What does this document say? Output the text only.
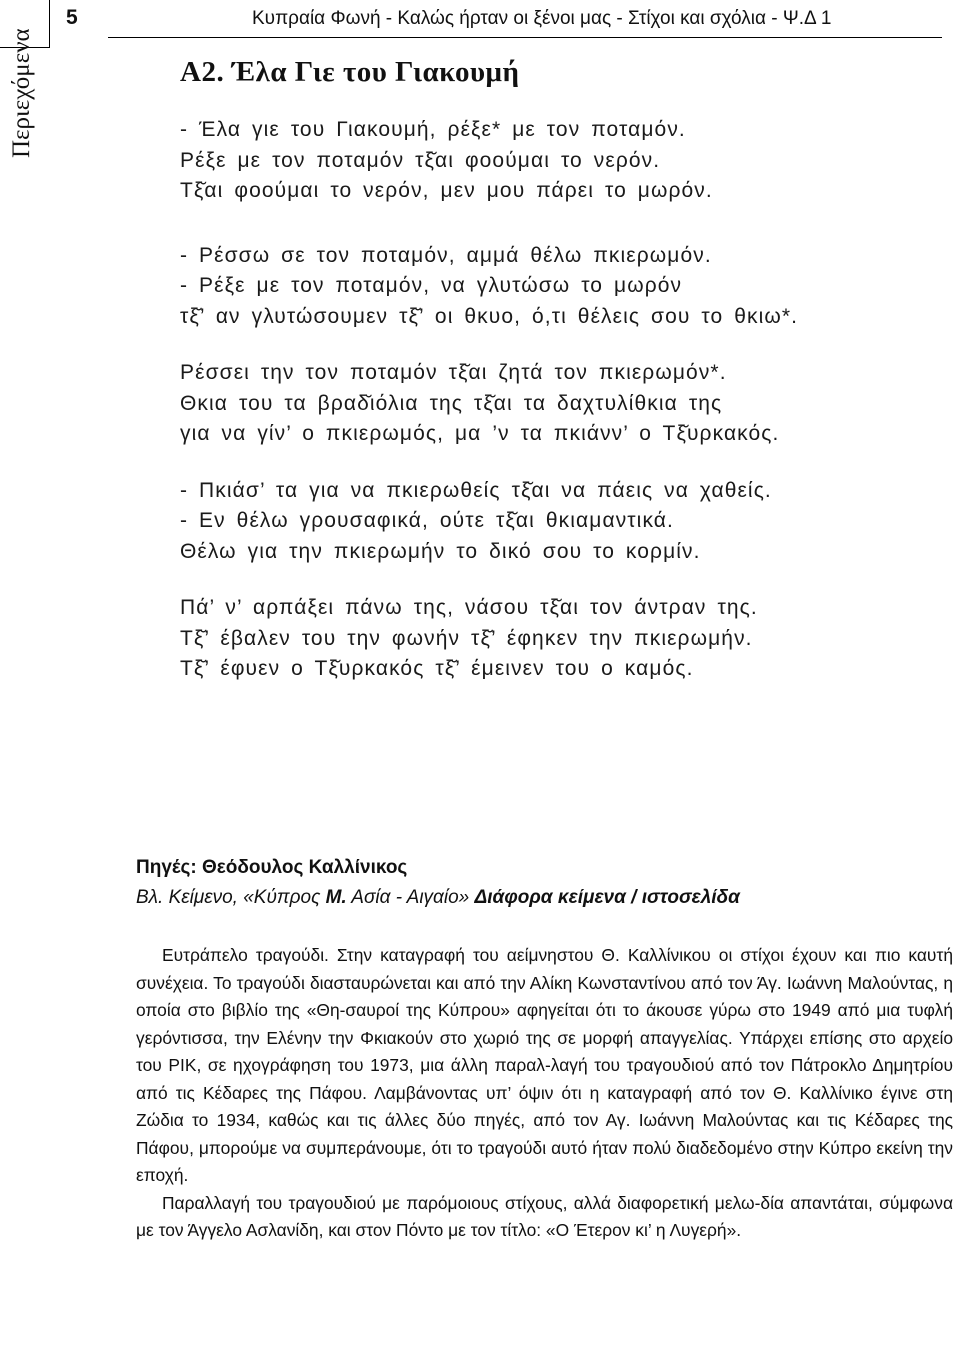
Περιεχόμενα
5	Κυπραία Φωνή - Καλώς ήρταν οι ξένοι μας - Στίχοι και σχόλια - Ψ.Δ 1
Α2. Έλα Γιε του Γιακουμή
- Έλα γιε του Γιακουμή, ρέξε* με τον ποταμόν.
Ρέξε με τον ποταμόν τξ̆αι φοούμαι το νερόν.
Τξ̆αι φοούμαι το νερόν, μεν μου πάρει το μωρόν.
- Ρέσσω σε τον ποταμόν, αμμά θέλω πκιερωμόν.
- Ρέξε με τον ποταμόν, να γλυτώσω το μωρόν
τξ̆’ αν γλυτώσουμεν τξ̆’ οι θκυο, ό,τι θέλεις σου το θκιω*.
Ρέσσει την τον ποταμόν τξ̆αι ζητά τον πκιερωμόν*.
Θκια του τα βραδ̆ιόλια της τξ̆αι τα δαχτυλίθκια της
για να γίν’ ο πκιερωμός, μα ’ν τα πκιάνν’ ο Τξ̆υρκακός.
- Πκιάσ’ τα για να πκιερωθείς τξ̆αι να πάεις να χαθείς.
- Εν θέλω γρουσαφικά, ούτε τξ̆αι θκιαμαντικά.
Θέλω για την πκιερωμήν το δικό σου το κορμίν.
Πά’ ν’ αρπάξει πάνω της, νάσου τξ̆αι τον άντραν της.
Τξ̆’ έβαλεν του την φωνήν τξ̆’ έφηκεν την πκιερωμήν.
Τξ̆’ έφυεν ο Τξ̆υρκακός τξ̆’ έμεινεν του ο καμός.
Πηγές: Θεόδουλος Καλλίνικος
Βλ. Κείμενο, «Κύπρος Μ. Ασία - Αιγαίο» Διάφορα κείμενα / ιστοσελίδα

Ευτράπελο τραγούδι. Στην καταγραφή του αείμνηστου Θ. Καλλίνικου οι στίχοι έχουν και πιο καυτή συνέχεια. Το τραγούδι διασταυρώνεται και από την Αλίκη Κωνσταντίνου από τον Άγ. Ιωάννη Μαλούντας, η οποία στο βιβλίο της «Θη-σαυροί της Κύπρου» αφηγείται ότι το άκουσε γύρω στο 1949 από μια τυφλή γερόντισσα, την Ελένην την Φκιακούν στο χωριό της σε μορφή απαγγελίας. Υπάρχει επίσης στο αρχείο του ΡΙΚ, σε ηχογράφηση του 1973, μια άλλη παραλ-λαγή του τραγουδιού από τον Πάτροκλο Δημητρίου από τις Κέδαρες της Πάφου. Λαμβάνοντας υπ’ όψιν ότι η καταγραφή από τον Θ. Καλλίνικο έγινε στη Ζώδια το 1934, καθώς και τις άλλες δύο πηγές, από τον Αγ. Ιωάννη Μαλούντας και τις Κέδαρες της Πάφου, μπορούμε να συμπεράνουμε, ότι το τραγούδι αυτό ήταν πολύ διαδεδομένο στην Κύπρο εκείνη την εποχή.

Παραλλαγή του τραγουδιού με παρόμοιους στίχους, αλλά διαφορετική μελω-δία απαντάται, σύμφωνα με τον Άγγελο Ασλανίδη, και στον Πόντο με τον τίτλο: «Ο Έτερον κι’ η Λυγερή».
